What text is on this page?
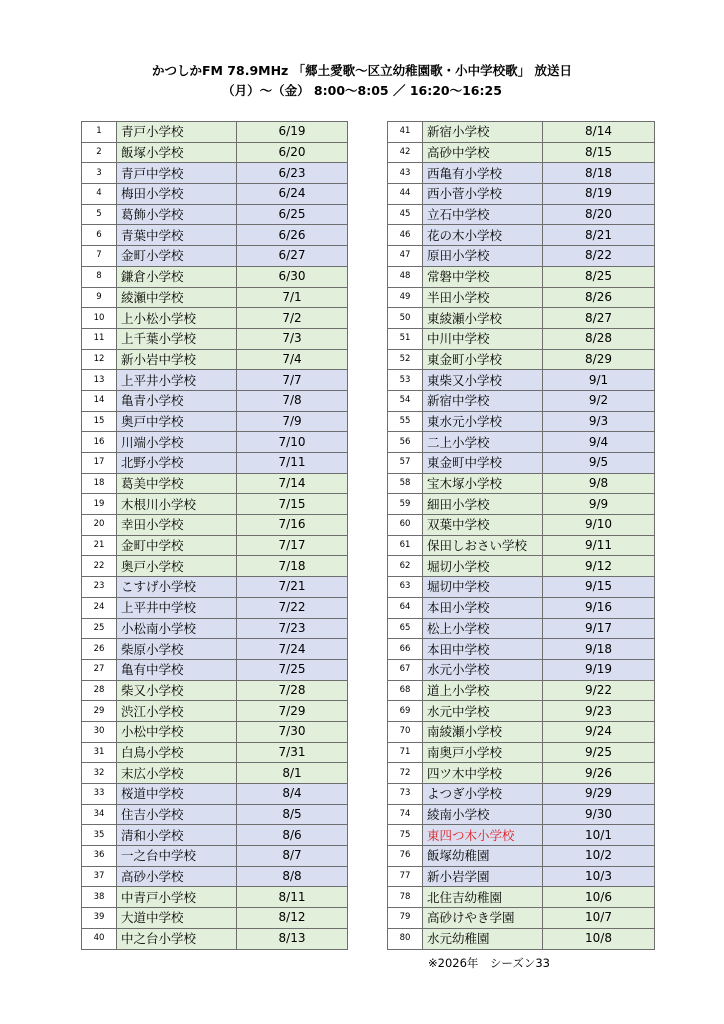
かつしかFM 78.9MHz 「郷土愛歌～区立幼稚園歌・小中学校歌」 放送日
（月）～（金） 8:00～8:05 ／ 16:20～16:25
1	青戸小学校	6/19
2	飯塚小学校	6/20
3	青戸中学校	6/23
4	梅田小学校	6/24
5	葛飾小学校	6/25
6	青葉中学校	6/26
7	金町小学校	6/27
8	鎌倉小学校	6/30
9	綾瀬中学校	7/1
10	上小松小学校	7/2
11	上千葉小学校	7/3
12	新小岩中学校	7/4
13	上平井小学校	7/7
14	亀青小学校	7/8
15	奥戸中学校	7/9
16	川端小学校	7/10
17	北野小学校	7/11
18	葛美中学校	7/14
19	木根川小学校	7/15
20	幸田小学校	7/16
21	金町中学校	7/17
22	奥戸小学校	7/18
23	こすげ小学校	7/21
24	上平井中学校	7/22
25	小松南小学校	7/23
26	柴原小学校	7/24
27	亀有中学校	7/25
28	柴又小学校	7/28
29	渋江小学校	7/29
30	小松中学校	7/30
31	白鳥小学校	7/31
32	末広小学校	8/1
33	桜道中学校	8/4
34	住吉小学校	8/5
35	清和小学校	8/6
36	一之台中学校	8/7
37	高砂小学校	8/8
38	中青戸小学校	8/11
39	大道中学校	8/12
40	中之台小学校	8/13
41	新宿小学校	8/14
42	高砂中学校	8/15
43	西亀有小学校	8/18
44	西小菅小学校	8/19
45	立石中学校	8/20
46	花の木小学校	8/21
47	原田小学校	8/22
48	常磐中学校	8/25
49	半田小学校	8/26
50	東綾瀬小学校	8/27
51	中川中学校	8/28
52	東金町小学校	8/29
53	東柴又小学校	9/1
54	新宿中学校	9/2
55	東水元小学校	9/3
56	二上小学校	9/4
57	東金町中学校	9/5
58	宝木塚小学校	9/8
59	細田小学校	9/9
60	双葉中学校	9/10
61	保田しおさい学校	9/11
62	堀切小学校	9/12
63	堀切中学校	9/15
64	本田小学校	9/16
65	松上小学校	9/17
66	本田中学校	9/18
67	水元小学校	9/19
68	道上小学校	9/22
69	水元中学校	9/23
70	南綾瀬小学校	9/24
71	南奥戸小学校	9/25
72	四ツ木中学校	9/26
73	よつぎ小学校	9/29
74	綾南小学校	9/30
75	東四つ木小学校	10/1
76	飯塚幼稚園	10/2
77	新小岩学園	10/3
78	北住吉幼稚園	10/6
79	高砂けやき学園	10/7
80	水元幼稚園	10/8
※2026年　シーズン33
